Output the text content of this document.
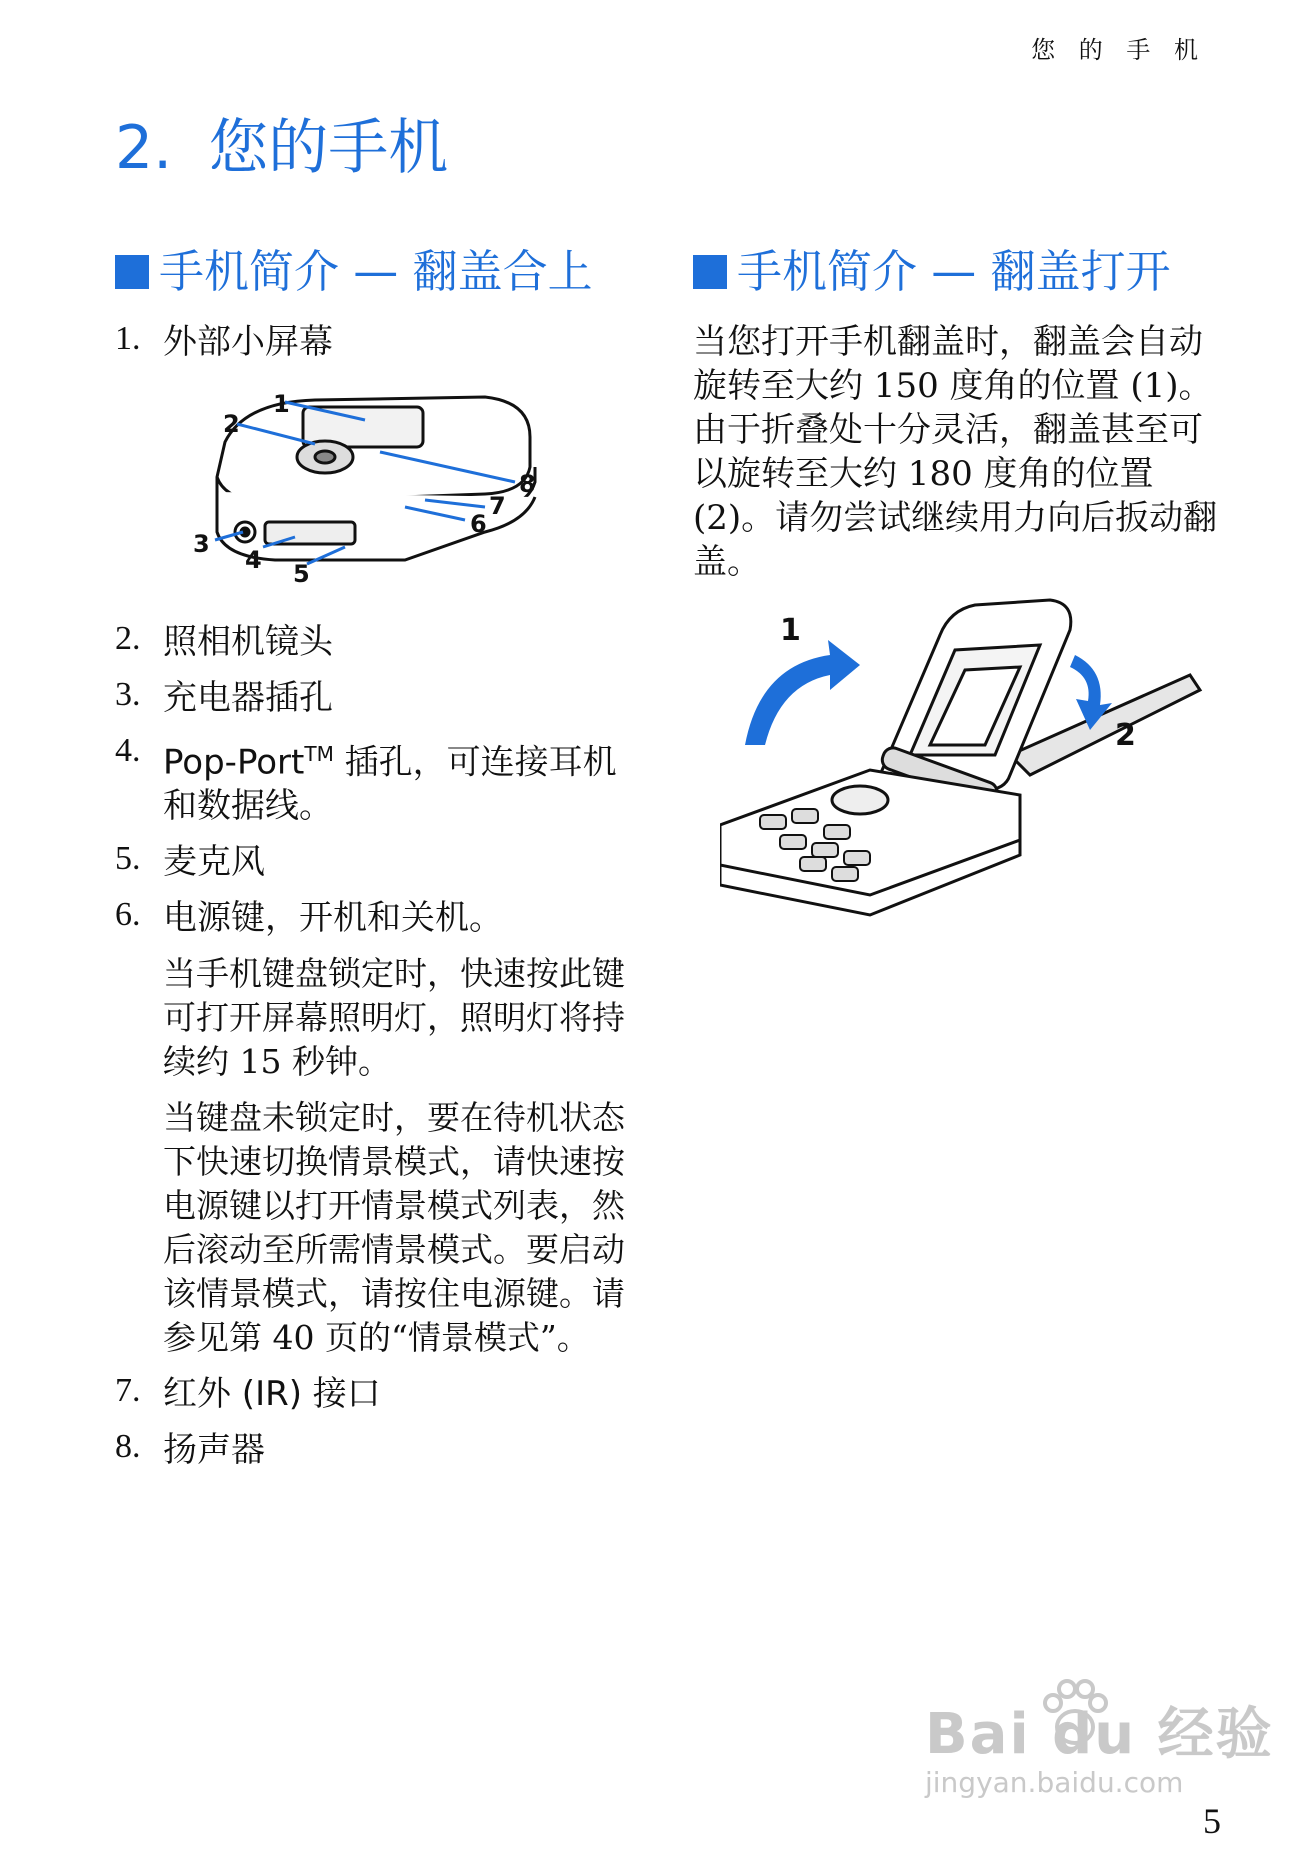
您 的 手 机
2. 您的手机
手机简介 — 翻盖合上
1. 外部小屏幕
1
2
3
4 5
6
7
8
2. 照相机镜头
3. 充电器插孔
4. Pop-Port™ 插孔，可连接耳机和数据线。
5. 麦克风
6. 电源键，开机和关机。

当手机键盘锁定时，快速按此键可打开屏幕照明灯，照明灯将持续约 15 秒钟。

当键盘未锁定时，要在待机状态下快速切换情景模式，请快速按电源键以打开情景模式列表，然后滚动至所需情景模式。要启动该情景模式，请按住电源键。请参见第 40 页的“情景模式”。

7. 红外 (IR) 接口
8. 扬声器
手机简介 — 翻盖打开

当您打开手机翻盖时，翻盖会自动旋转至大约 150 度角的位置 (1)。由于折叠处十分灵活，翻盖甚至可以旋转至大约 180 度角的位置 (2)。请勿尝试继续用力向后扳动翻盖。

1
2
Bai du 经验
jingyan.baidu.com
5
